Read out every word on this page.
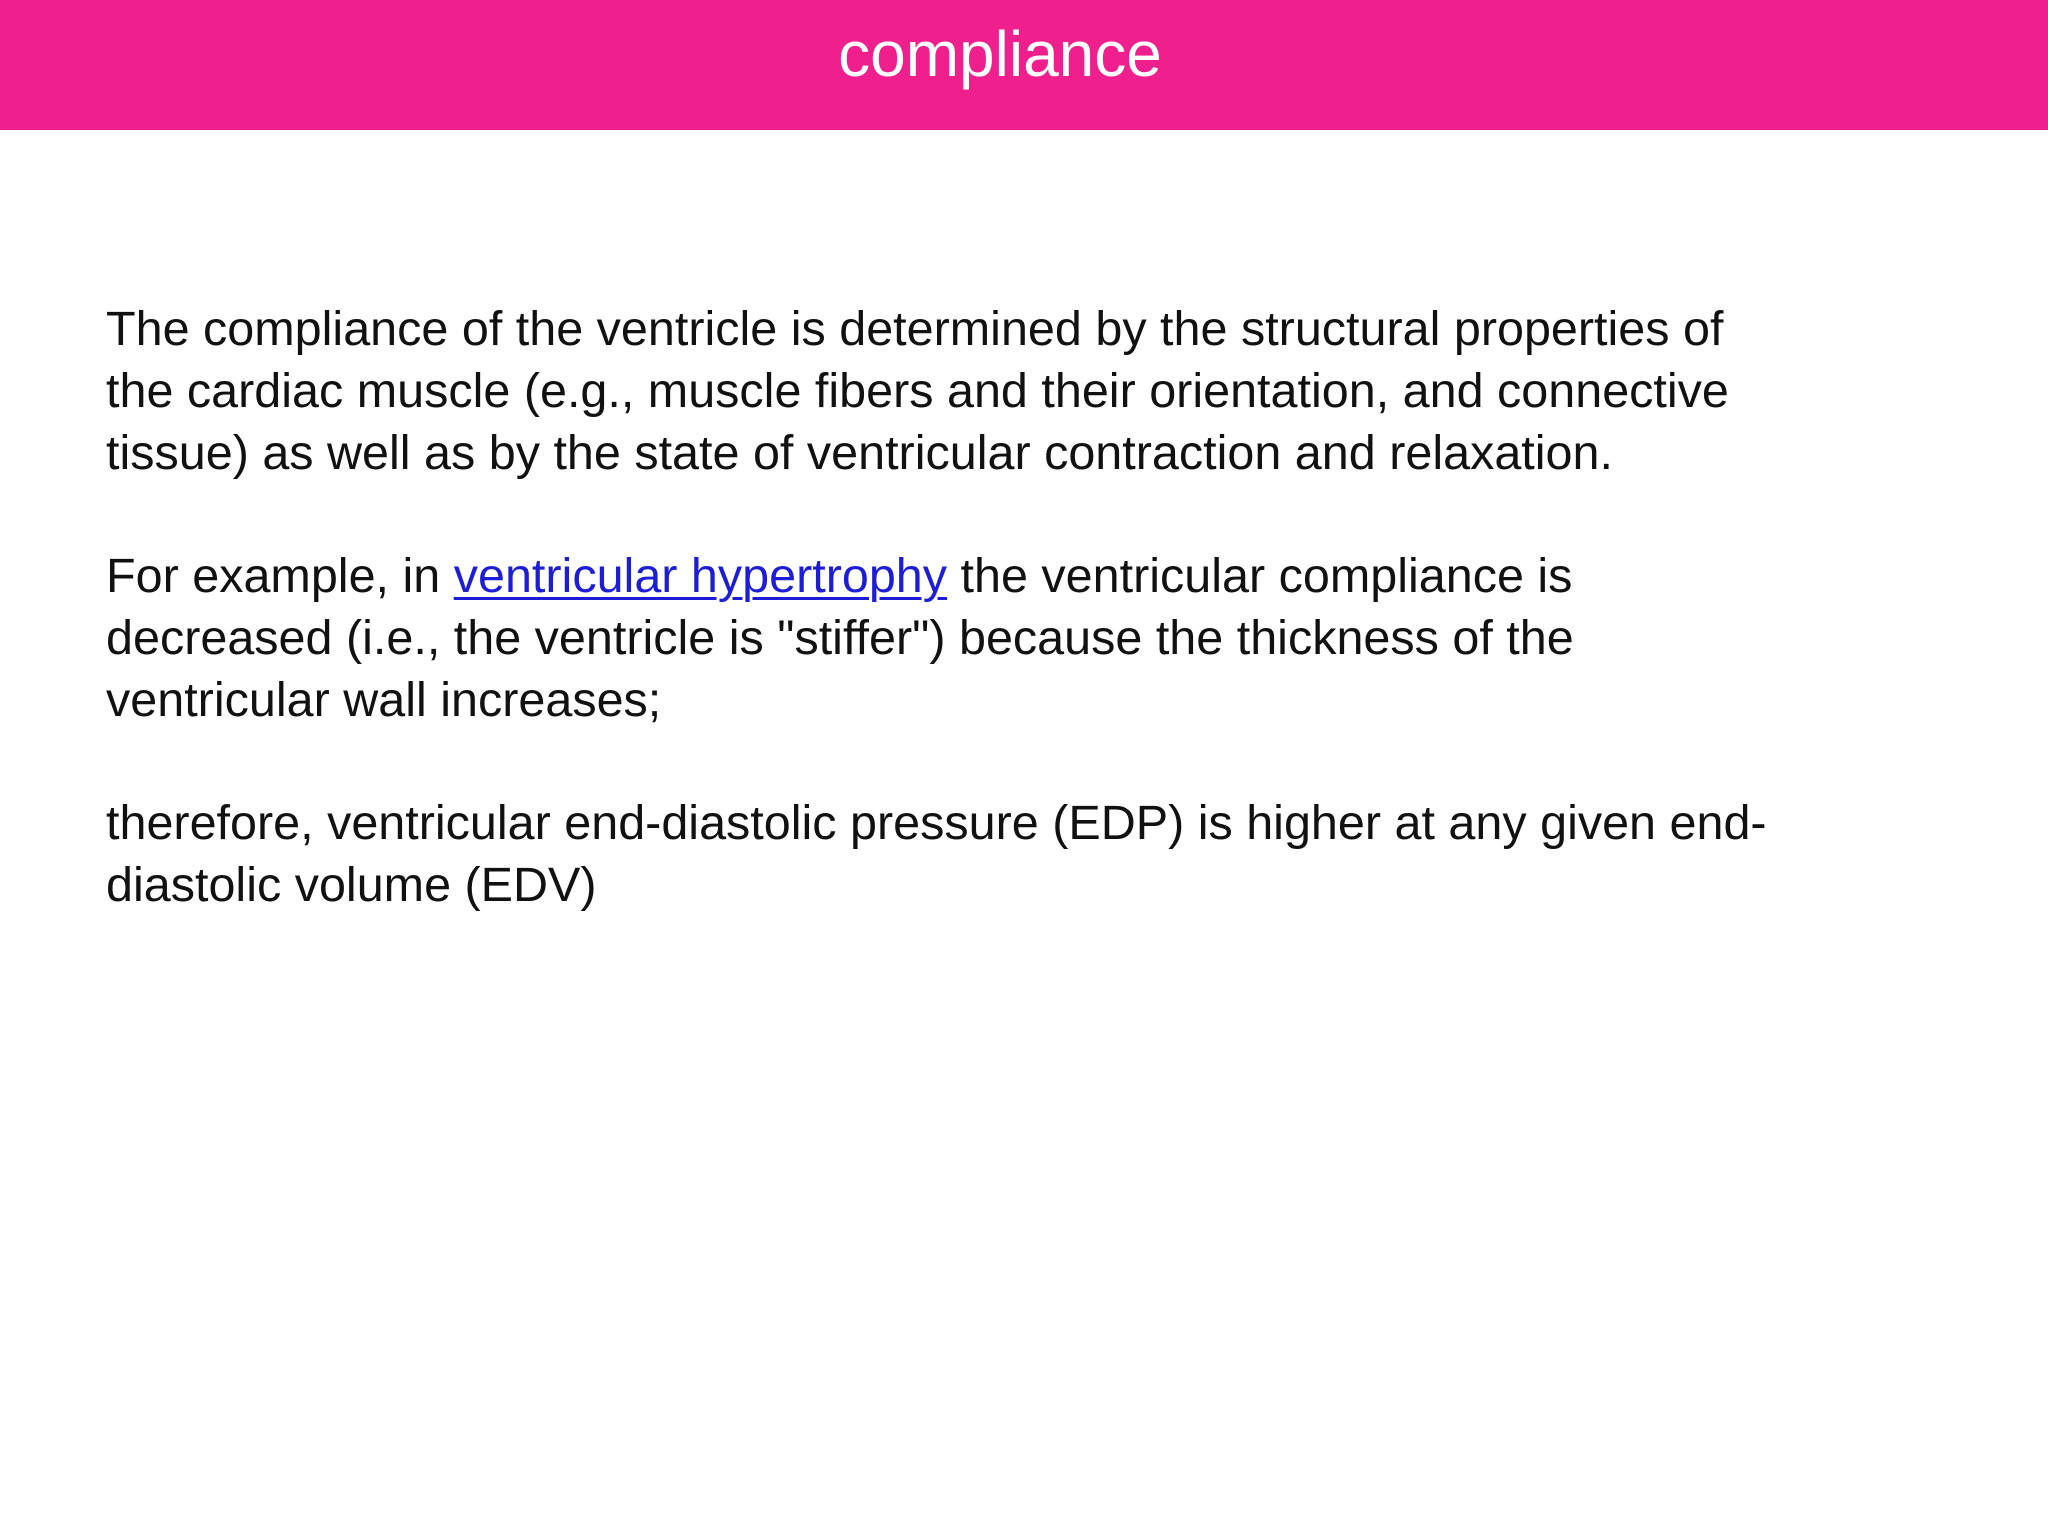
compliance

The compliance of the ventricle is determined by the structural properties of
the cardiac muscle (e.g., muscle fibers and their orientation, and connective
tissue) as well as by the state of ventricular contraction and relaxation.

For example, in ventricular hypertrophy the ventricular compliance is
decreased (i.e., the ventricle is "stiffer") because the thickness of the
ventricular wall increases;

therefore, ventricular end-diastolic pressure (EDP) is higher at any given end-
diastolic volume (EDV)
